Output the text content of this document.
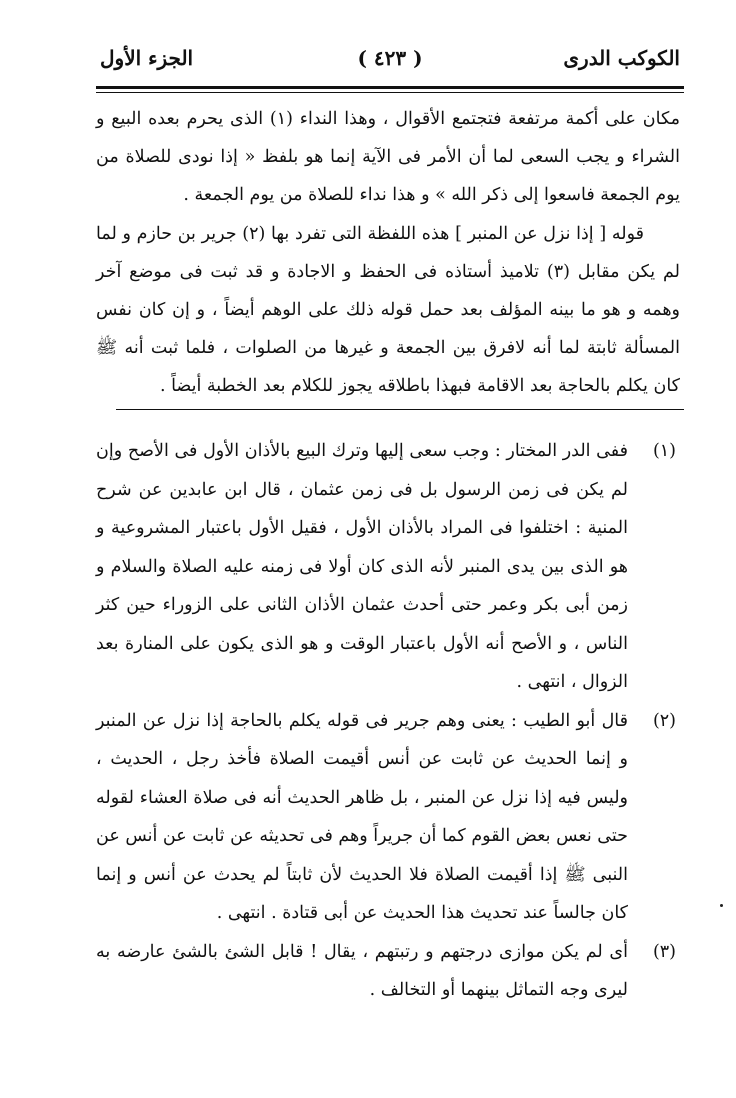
الكوكب الدرى
( ٤٢٣ )
الجزء الأول

مكان على أكمة مرتفعة فتجتمع الأقوال ، وهذا النداء (١) الذى يحرم بعده البيع و الشراء و يجب السعى لما أن الأمر فى الآية إنما هو بلفظ « إذا نودى للصلاة من يوم الجمعة فاسعوا إلى ذكر الله » و هذا نداء للصلاة من يوم الجمعة .

قوله [ إذا نزل عن المنبر ] هذه اللفظة التى تفرد بها (٢) جرير بن حازم و لما لم يكن مقابل (٣) تلاميذ أستاذه فى الحفظ و الاجادة و قد ثبت فى موضع آخر وهمه و هو ما بينه المؤلف بعد حمل قوله ذلك على الوهم أيضاً ، و إن كان نفس المسألة ثابتة لما أنه لافرق بين الجمعة و غيرها من الصلوات ، فلما ثبت أنه ﷺ كان يكلم بالحاجة بعد الاقامة فبهذا باطلاقه يجوز للكلام بعد الخطبة أيضاً .

(١)
ففى الدر المختار : وجب سعى إليها وترك البيع بالأذان الأول فى الأصح وإن لم يكن فى زمن الرسول بل فى زمن عثمان ، قال ابن عابدين عن شرح المنية : اختلفوا فى المراد بالأذان الأول ، فقيل الأول باعتبار المشروعية و هو الذى بين يدى المنبر لأنه الذى كان أولا فى زمنه عليه الصلاة والسلام و زمن أبى بكر وعمر حتى أحدث عثمان الأذان الثانى على الزوراء حين كثر الناس ، و الأصح أنه الأول باعتبار الوقت و هو الذى يكون على المنارة بعد الزوال ، انتهى .
(٢)
قال أبو الطيب : يعنى وهم جرير فى قوله يكلم بالحاجة إذا نزل عن المنبر و إنما الحديث عن ثابت عن أنس أقيمت الصلاة فأخذ رجل ، الحديث ، وليس فيه إذا نزل عن المنبر ، بل ظاهر الحديث أنه فى صلاة العشاء لقوله حتى نعس بعض القوم كما أن جريراً وهم فى تحديثه عن ثابت عن أنس عن النبى ﷺ إذا أقيمت الصلاة فلا الحديث لأن ثابتاً لم يحدث عن أنس و إنما كان جالساً عند تحديث هذا الحديث عن أبى قتادة . انتهى .
(٣)
أى لم يكن موازى درجتهم و رتبتهم ، يقال ! قابل الشئ بالشئ عارضه به ليرى وجه التماثل بينهما أو التخالف .
